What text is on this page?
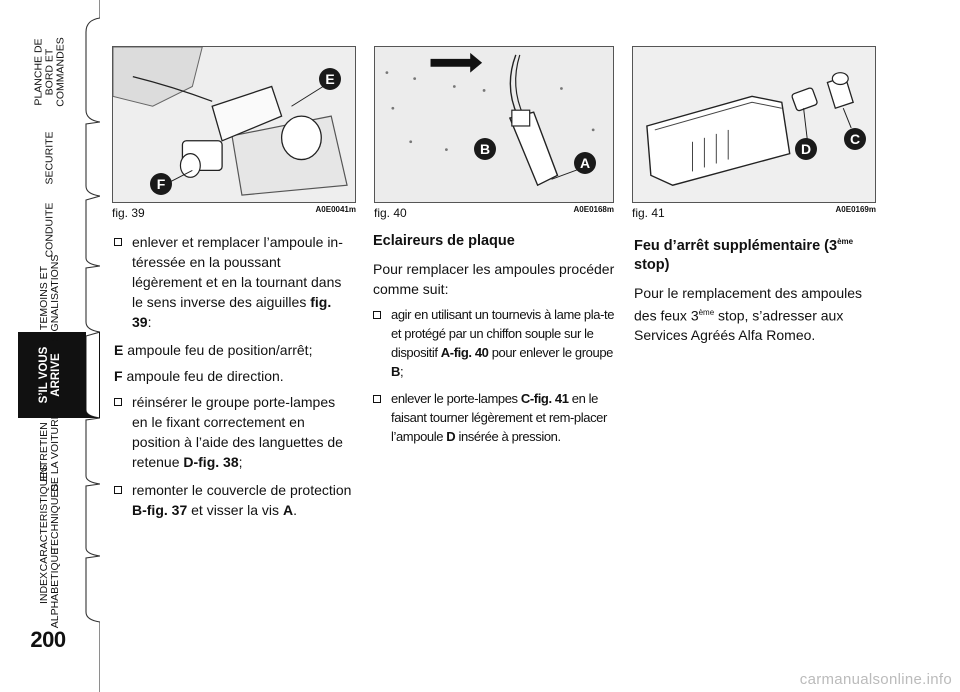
PLANCHE DE
BORD ET
COMMANDES
SECURITE
CONDUITE
TEMOINS ET
SIGNALISATIONS
S’IL VOUS
ARRIVE
ENTRETIEN
DE LA VOITURE
CARACTERISTIQUES
TECHNIQUES
INDEX
ALPHABETIQUE
200
E
F
fig. 39	A0E0041m
A
B
fig. 40	A0E0168m
D
C
fig. 41	A0E0169m
enlever et remplacer l’ampoule in-téressée en la poussant légèrement et en la tournant dans le sens inverse des aiguilles fig. 39:

E ampoule feu de position/arrêt;

F ampoule feu de direction.

réinsérer le groupe porte-lampes en le fixant correctement en position à l’aide des languettes de retenue D-fig. 38;
remonter le couvercle de protection B-fig. 37 et visser la vis A.
Eclaireurs de plaque

Pour remplacer les ampoules procéder comme suit:

agir en utilisant un tournevis à lame pla-te et protégé par un chiffon souple sur le dispositif A-fig. 40 pour enlever le groupe B;
enlever le porte-lampes C-fig. 41 en le faisant tourner légèrement et rem-placer l’ampoule D insérée à pression.
Feu d’arrêt supplémentaire (3ème stop)

Pour le remplacement des ampoules des feux 3ème stop, s’adresser aux Services Agréés Alfa Romeo.

carmanualsonline.info
